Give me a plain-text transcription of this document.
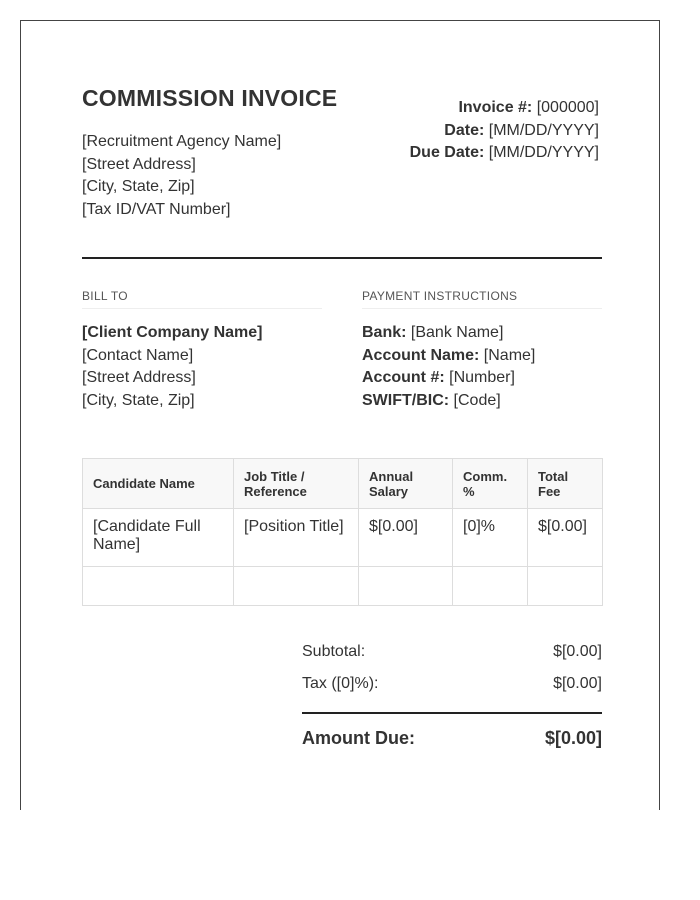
COMMISSION INVOICE
[Recruitment Agency Name]
[Street Address]
[City, State, Zip]
[Tax ID/VAT Number]
Invoice #: [000000]
Date: [MM/DD/YYYY]
Due Date: [MM/DD/YYYY]
BILL TO	PAYMENT INSTRUCTIONS
[Client Company Name]
[Contact Name]
[Street Address]
[City, State, Zip]
Bank: [Bank Name]
Account Name: [Name]
Account #: [Number]
SWIFT/BIC: [Code]
Candidate Name	Job Title / Reference	Annual Salary	Comm. %	Total Fee
[Candidate Full Name]	[Position Title]	$[0.00]	[0]%	$[0.00]

Subtotal:	$[0.00]
Tax ([0]%):	$[0.00]
Amount Due:	$[0.00]
